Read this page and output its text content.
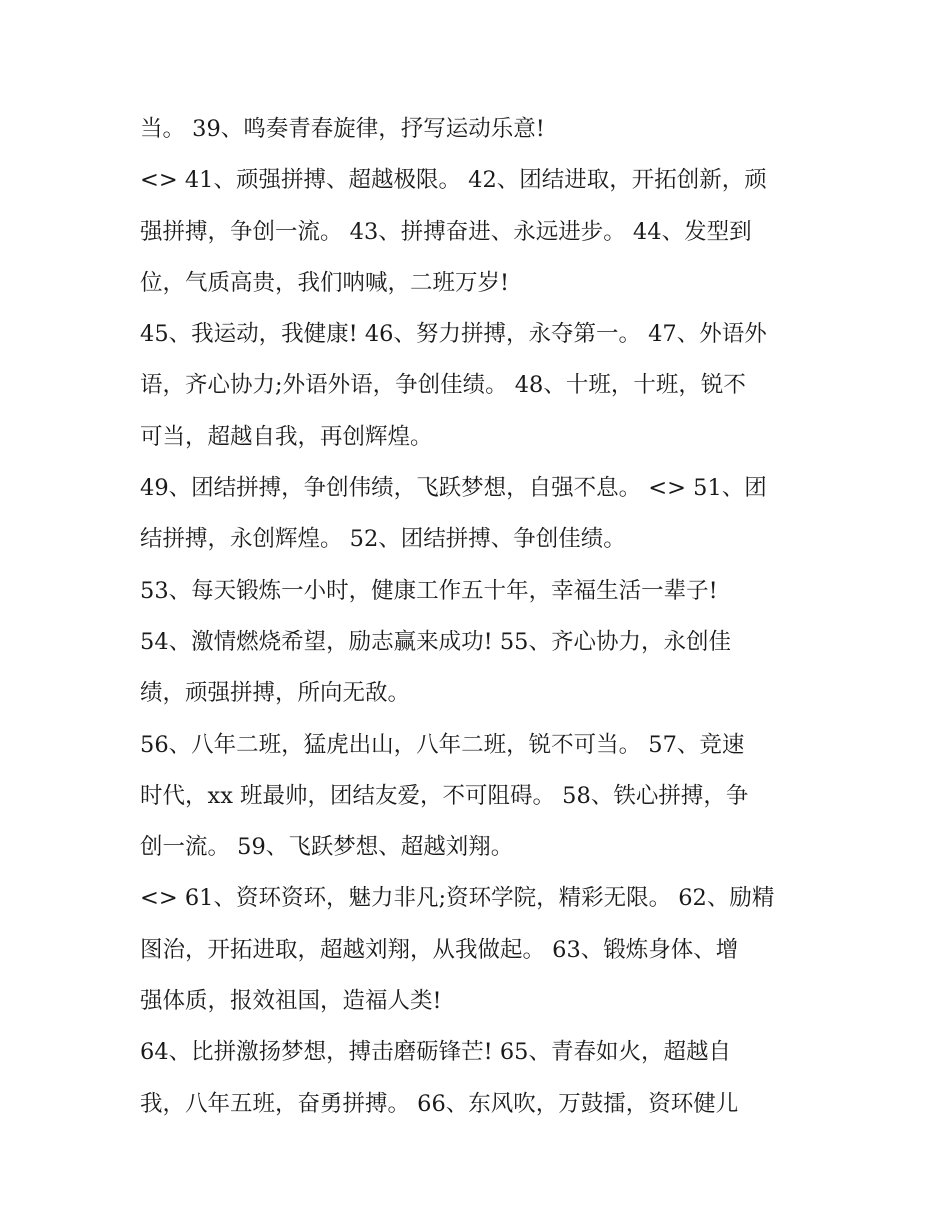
当。 39、鸣奏青春旋律，抒写运动乐意!
<> 41、顽强拼搏、超越极限。 42、团结进取，开拓创新，顽
强拼搏，争创一流。 43、拼搏奋进、永远进步。 44、发型到
位，气质高贵，我们呐喊，二班万岁!
45、我运动，我健康! 46、努力拼搏，永夺第一。 47、外语外
语，齐心协力;外语外语，争创佳绩。 48、十班，十班，锐不
可当，超越自我，再创辉煌。
49、团结拼搏，争创伟绩，飞跃梦想，自强不息。 <> 51、团
结拼搏，永创辉煌。 52、团结拼搏、争创佳绩。
53、每天锻炼一小时，健康工作五十年，幸福生活一辈子!
54、激情燃烧希望，励志赢来成功! 55、齐心协力，永创佳
绩，顽强拼搏，所向无敌。
56、八年二班，猛虎出山，八年二班，锐不可当。 57、竞速
时代，xx 班最帅，团结友爱，不可阻碍。 58、铁心拼搏，争
创一流。 59、飞跃梦想、超越刘翔。
<> 61、资环资环，魅力非凡;资环学院，精彩无限。 62、励精
图治，开拓进取，超越刘翔，从我做起。 63、锻炼身体、增
强体质，报效祖国，造福人类!
64、比拼激扬梦想，搏击磨砺锋芒! 65、青春如火，超越自
我，八年五班，奋勇拼搏。 66、东风吹，万鼓擂，资环健儿
